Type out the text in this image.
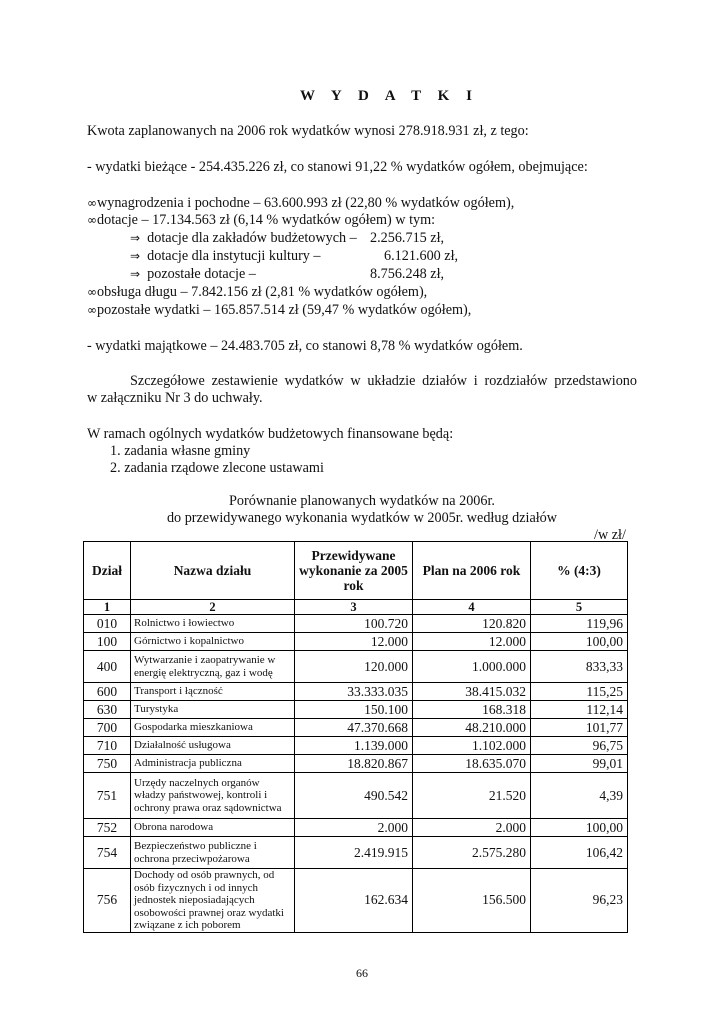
W Y D A T K I
Kwota zaplanowanych na 2006 rok wydatków wynosi 278.918.931 zł, z tego:
- wydatki bieżące - 254.435.226 zł, co stanowi 91,22 % wydatków ogółem, obejmujące:
∞wynagrodzenia i pochodne – 63.600.993 zł (22,80 % wydatków ogółem),
∞dotacje – 17.134.563 zł (6,14 % wydatków ogółem) w tym:
⇒ dotacje dla zakładów budżetowych – 2.256.715 zł,
⇒ dotacje dla instytucji kultury –	6.121.600 zł,
⇒ pozostałe dotacje –	8.756.248 zł,
∞obsługa długu – 7.842.156 zł (2,81 % wydatków ogółem),
∞pozostałe wydatki – 165.857.514 zł (59,47 % wydatków ogółem),
- wydatki majątkowe – 24.483.705 zł, co stanowi 8,78 % wydatków ogółem.
Szczegółowe zestawienie wydatków w układzie działów i rozdziałów przedstawiono
w załączniku Nr 3 do uchwały.
W ramach ogólnych wydatków budżetowych finansowane będą:
1. zadania własne gminy
2. zadania rządowe zlecone ustawami
Porównanie planowanych wydatków na 2006r.
do przewidywanego wykonania wydatków w 2005r. według działów
/w zł/
Dział	Nazwa działu	Przewidywane wykonanie za 2005 rok	Plan na 2006 rok	% (4:3)
1	2	3	4	5
010	Rolnictwo i łowiectwo	100.720	120.820	119,96
100	Górnictwo i kopalnictwo	12.000	12.000	100,00
400	Wytwarzanie i zaopatrywanie w energię elektryczną, gaz i wodę	120.000	1.000.000	833,33
600	Transport i łączność	33.333.035	38.415.032	115,25
630	Turystyka	150.100	168.318	112,14
700	Gospodarka mieszkaniowa	47.370.668	48.210.000	101,77
710	Działalność usługowa	1.139.000	1.102.000	96,75
750	Administracja publiczna	18.820.867	18.635.070	99,01
751	Urzędy naczelnych organów władzy państwowej, kontroli i ochrony prawa oraz sądownictwa	490.542	21.520	4,39
752	Obrona narodowa	2.000	2.000	100,00
754	Bezpieczeństwo publiczne i ochrona przeciwpożarowa	2.419.915	2.575.280	106,42
756	Dochody od osób prawnych, od osób fizycznych i od innych jednostek nieposiadających osobowości prawnej oraz wydatki związane z ich poborem	162.634	156.500	96,23
66
